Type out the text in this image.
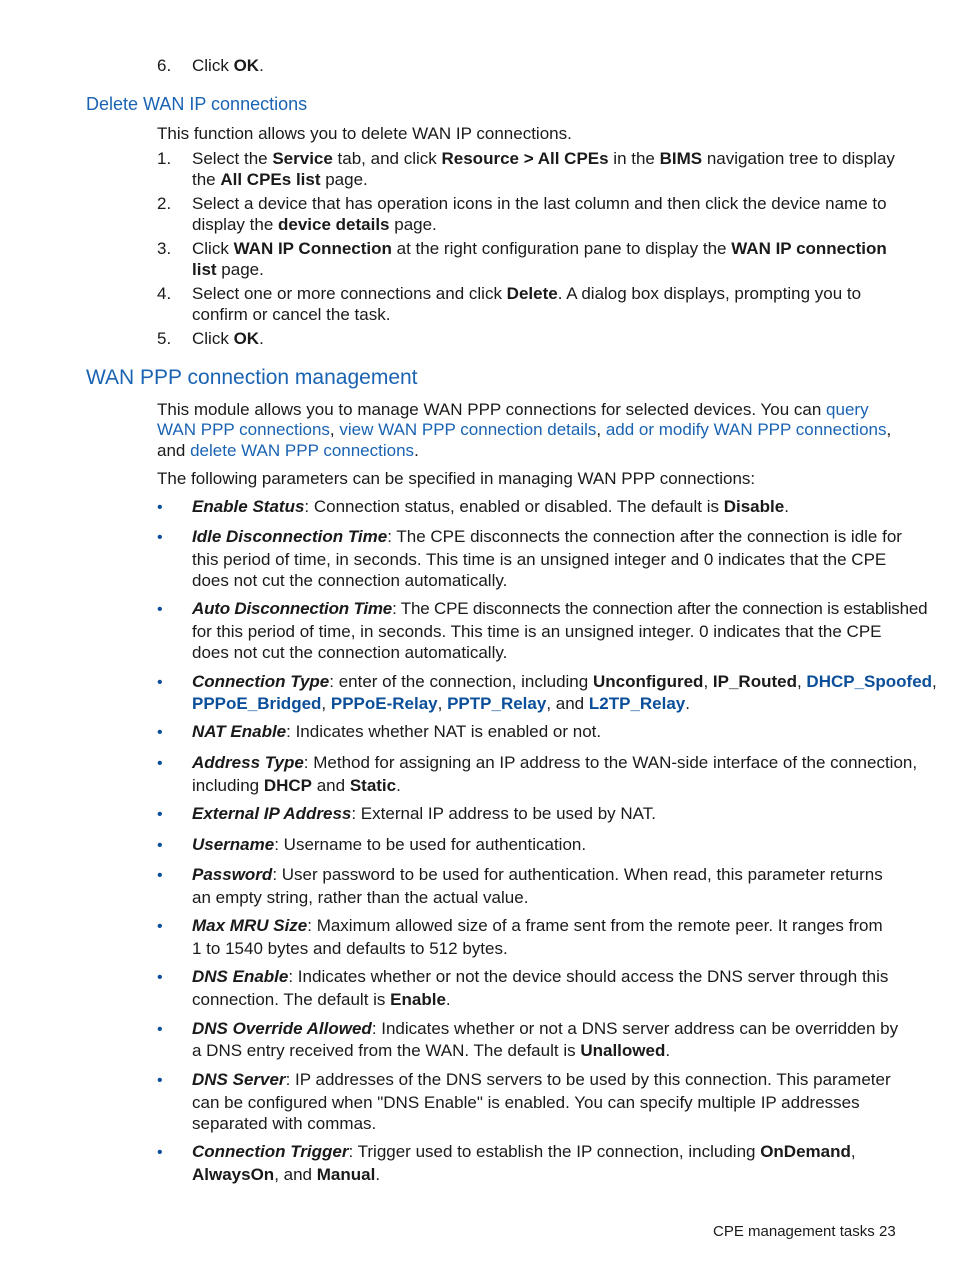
6. Click OK.
Delete WAN IP connections
This function allows you to delete WAN IP connections.
1. Select the Service tab, and click Resource > All CPEs in the BIMS navigation tree to display
the All CPEs list page.
2. Select a device that has operation icons in the last column and then click the device name to
display the device details page.
3. Click WAN IP Connection at the right configuration pane to display the WAN IP connection
list page.
4. Select one or more connections and click Delete. A dialog box displays, prompting you to
confirm or cancel the task.
5. Click OK.
WAN PPP connection management
This module allows you to manage WAN PPP connections for selected devices. You can query
WAN PPP connections, view WAN PPP connection details, add or modify WAN PPP connections,
and delete WAN PPP connections.
The following parameters can be specified in managing WAN PPP connections:
• Enable Status: Connection status, enabled or disabled. The default is Disable.
• Idle Disconnection Time: The CPE disconnects the connection after the connection is idle for
this period of time, in seconds. This time is an unsigned integer and 0 indicates that the CPE
does not cut the connection automatically.
• Auto Disconnection Time: The CPE disconnects the connection after the connection is established
for this period of time, in seconds. This time is an unsigned integer. 0 indicates that the CPE
does not cut the connection automatically.
• Connection Type: enter of the connection, including Unconfigured, IP_Routed, DHCP_Spoofed,
PPPoE_Bridged, PPPoE-Relay, PPTP_Relay, and L2TP_Relay.
• NAT Enable: Indicates whether NAT is enabled or not.
• Address Type: Method for assigning an IP address to the WAN-side interface of the connection,
including DHCP and Static.
• External IP Address: External IP address to be used by NAT.
• Username: Username to be used for authentication.
• Password: User password to be used for authentication. When read, this parameter returns
an empty string, rather than the actual value.
• Max MRU Size: Maximum allowed size of a frame sent from the remote peer. It ranges from
1 to 1540 bytes and defaults to 512 bytes.
• DNS Enable: Indicates whether or not the device should access the DNS server through this
connection. The default is Enable.
• DNS Override Allowed: Indicates whether or not a DNS server address can be overridden by
a DNS entry received from the WAN. The default is Unallowed.
• DNS Server: IP addresses of the DNS servers to be used by this connection. This parameter
can be configured when "DNS Enable" is enabled. You can specify multiple IP addresses
separated with commas.
• Connection Trigger: Trigger used to establish the IP connection, including OnDemand,
AlwaysOn, and Manual.
CPE management tasks 23
